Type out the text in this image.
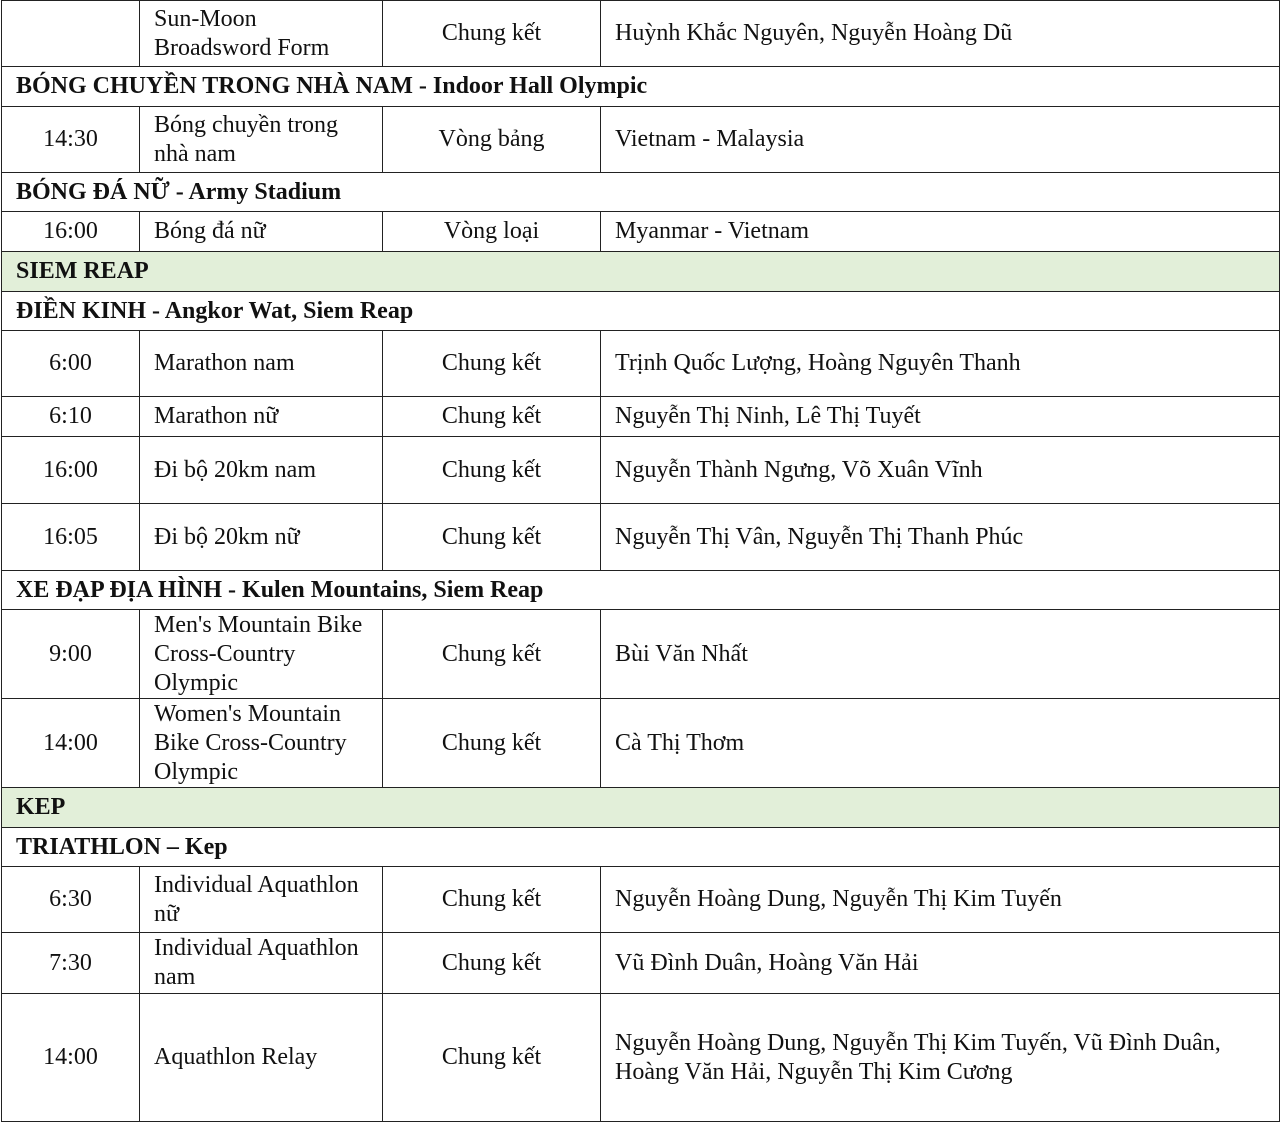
	Sun-Moon Broadsword Form	Chung kết	Huỳnh Khắc Nguyên, Nguyễn Hoàng Dũ
BÓNG CHUYỀN TRONG NHÀ NAM - Indoor Hall Olympic			
14:30	Bóng chuyền trong nhà nam	Vòng bảng	Vietnam - Malaysia
BÓNG ĐÁ NỮ - Army Stadium			
16:00	Bóng đá nữ	Vòng loại	Myanmar - Vietnam
SIEM REAP			
ĐIỀN KINH - Angkor Wat, Siem Reap			
6:00	Marathon nam	Chung kết	Trịnh Quốc Lượng, Hoàng Nguyên Thanh
6:10	Marathon nữ	Chung kết	Nguyễn Thị Ninh, Lê Thị Tuyết
16:00	Đi bộ 20km nam	Chung kết	Nguyễn Thành Ngưng, Võ Xuân Vĩnh
16:05	Đi bộ 20km nữ	Chung kết	Nguyễn Thị Vân, Nguyễn Thị Thanh Phúc
XE ĐẠP ĐỊA HÌNH - Kulen Mountains, Siem Reap			
9:00	Men's Mountain Bike Cross-Country Olympic	Chung kết	Bùi Văn Nhất
14:00	Women's Mountain Bike Cross-Country Olympic	Chung kết	Cà Thị Thơm
KEP			
TRIATHLON – Kep			
6:30	Individual Aquathlon nữ	Chung kết	Nguyễn Hoàng Dung, Nguyễn Thị Kim Tuyến
7:30	Individual Aquathlon nam	Chung kết	Vũ Đình Duân, Hoàng Văn Hải
14:00	Aquathlon Relay	Chung kết	Nguyễn Hoàng Dung, Nguyễn Thị Kim Tuyến, Vũ Đình Duân, Hoàng Văn Hải, Nguyễn Thị Kim Cương
